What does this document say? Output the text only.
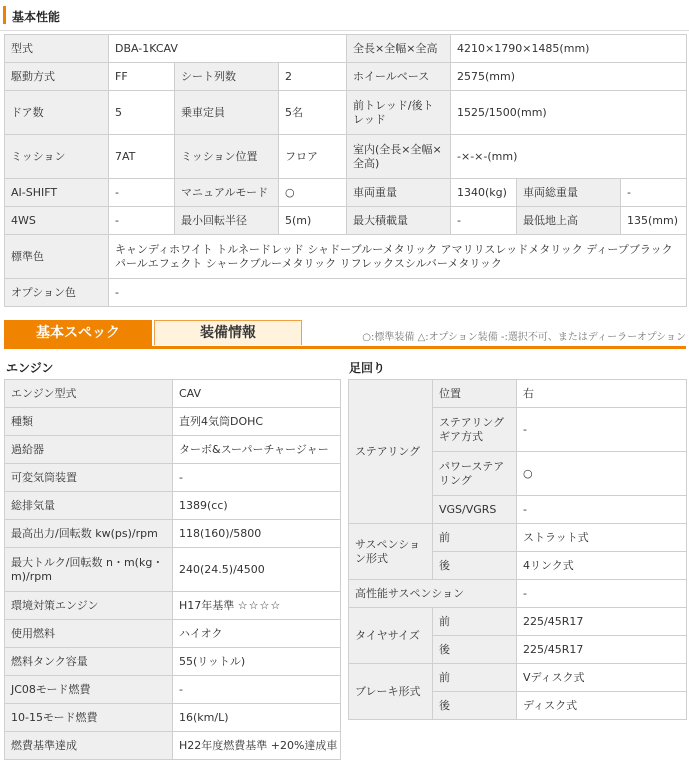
基本性能
型式	DBA-1KCAV			全長×全幅×全高	4210×1790×1485(mm)		
駆動方式	FF	シート列数	2	ホイールベース	2575(mm)		
ドア数	5	乗車定員	5名	前トレッド/後トレッド	1525/1500(mm)		
ミッション	7AT	ミッション位置	フロア	室内(全長×全幅×全高)	-×-×-(mm)		
AI-SHIFT	-	マニュアルモード	○	車両重量	1340(kg)	車両総重量	-
4WS	-	最小回転半径	5(m)	最大積載量	-	最低地上高	135(mm)
標準色	キャンディホワイト トルネードレッド シャドーブルーメタリック アマリリスレッドメタリック ディープブラックパールエフェクト シャークブルーメタリック リフレックスシルバーメタリック						
オプション色	-						
基本スペック	装備情報	○:標準装備 △:オプション装備 -:選択不可、またはディーラーオプション
エンジン	足回り
エンジン型式	CAV
種類	直列4気筒DOHC
過給器	ターボ&スーパーチャージャー
可変気筒装置	-
総排気量	1389(cc)
最高出力/回転数 kw(ps)/rpm	118(160)/5800
最大トルク/回転数 n・m(kg・m)/rpm	240(24.5)/4500
環境対策エンジン	H17年基準 ☆☆☆☆
使用燃料	ハイオク
燃料タンク容量	55(リットル)
JC08モード燃費	-
10-15モード燃費	16(km/L)
燃費基準達成	H22年度燃費基準 +20%達成車
ステアリング	位置	右
	ステアリングギア方式	-
	パワーステアリング	○
	VGS/VGRS	-
サスペンション形式	前	ストラット式
	後	4リンク式
高性能サスペンション		-
タイヤサイズ	前	225/45R17
	後	225/45R17
ブレーキ形式	前	Vディスク式
	後	ディスク式
